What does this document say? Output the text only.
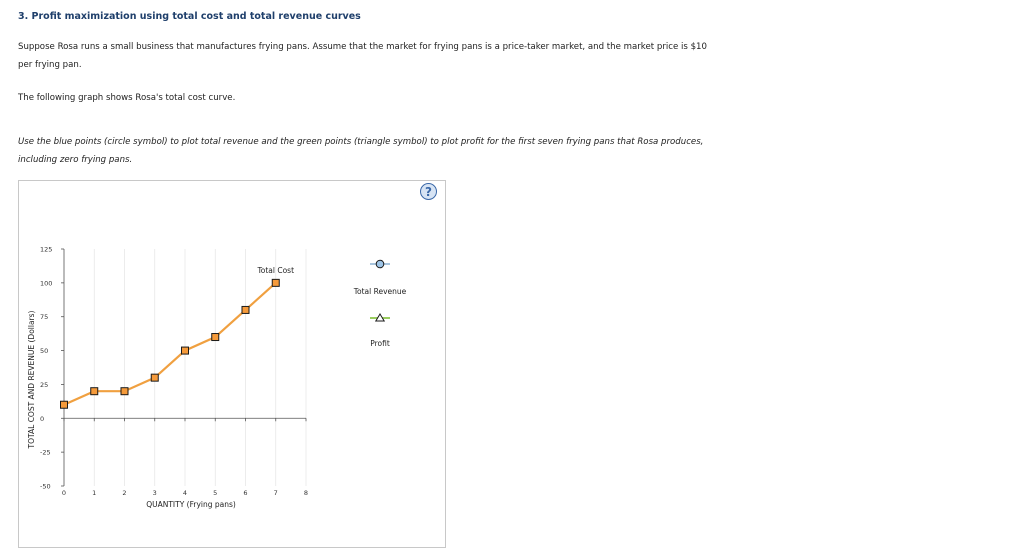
3. Profit maximization using total cost and total revenue curves
Suppose Rosa runs a small business that manufactures frying pans. Assume that the market for frying pans is a price-taker market, and the market price is $10 per frying pan.
The following graph shows Rosa's total cost curve.
Use the blue points (circle symbol) to plot total revenue and the green points (triangle symbol) to plot profit for the first seven frying pans that Rosa produces, including zero frying pans.
?
-50
-25
0
25
50
75
100
125
0	1	2	3	4	5	6	7	8
TOTAL COST AND REVENUE (Dollars)
QUANTITY (Frying pans)
Total Cost
Total Revenue
Profit
